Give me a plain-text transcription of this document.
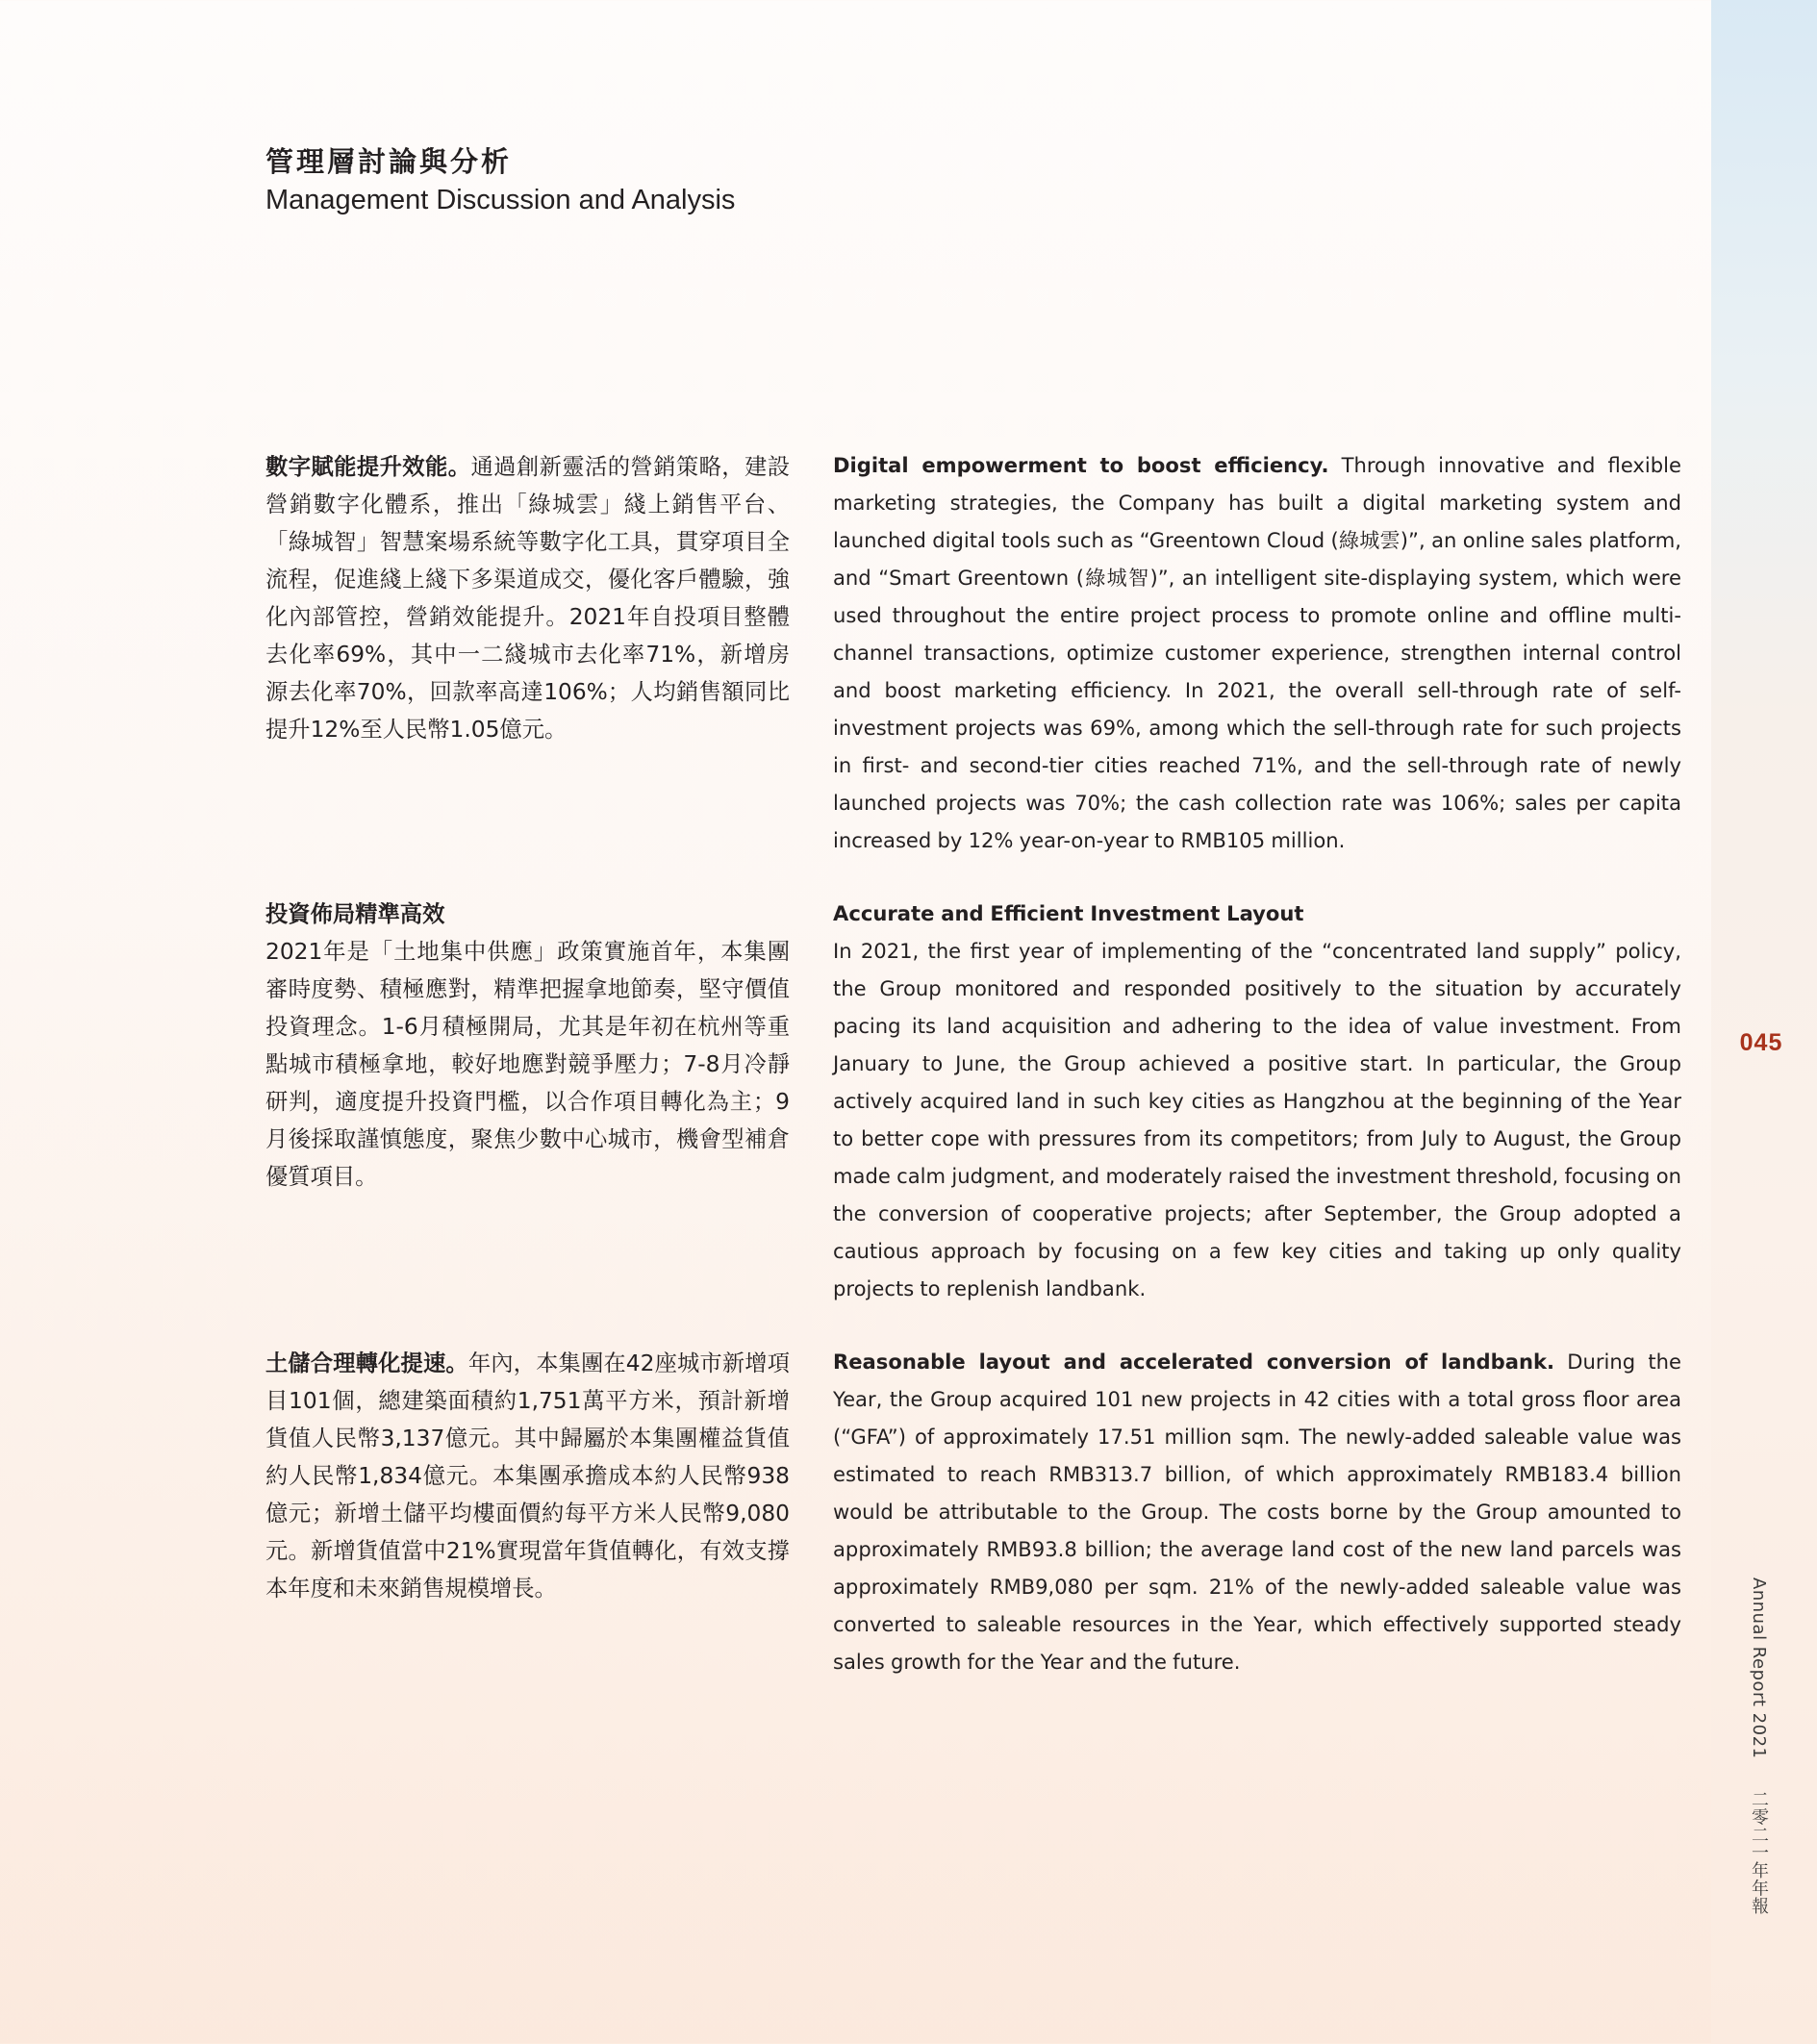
管理層討論與分析
Management Discussion and Analysis
數字賦能提升效能。通過創新靈活的營銷策略，建設營銷數字化體系，推出「綠城雲」綫上銷售平台、「綠城智」智慧案場系統等數字化工具，貫穿項目全流程，促進綫上綫下多渠道成交，優化客戶體驗，強化內部管控，營銷效能提升。2021年自投項目整體去化率69%，其中一二綫城市去化率71%，新增房源去化率70%，回款率高達106%；人均銷售額同比提升12%至人民幣1.05億元。
Digital empowerment to boost efficiency. Through innovative and flexible marketing strategies, the Company has built a digital marketing system and launched digital tools such as “Greentown Cloud (綠城雲)”, an online sales platform, and “Smart Greentown (綠城智)”, an intelligent site-displaying system, which were used throughout the entire project process to promote online and offline multi-channel transactions, optimize customer experience, strengthen internal control and boost marketing efficiency. In 2021, the overall sell-through rate of self-investment projects was 69%, among which the sell-through rate for such projects in first- and second-tier cities reached 71%, and the sell-through rate of newly launched projects was 70%; the cash collection rate was 106%; sales per capita increased by 12% year-on-year to RMB105 million.
投資佈局精準高效
2021年是「土地集中供應」政策實施首年，本集團審時度勢、積極應對，精準把握拿地節奏，堅守價值投資理念。1-6月積極開局，尤其是年初在杭州等重點城市積極拿地，較好地應對競爭壓力；7-8月冷靜研判，適度提升投資門檻，以合作項目轉化為主；9月後採取謹慎態度，聚焦少數中心城市，機會型補倉優質項目。
Accurate and Efficient Investment Layout
In 2021, the first year of implementing of the “concentrated land supply” policy, the Group monitored and responded positively to the situation by accurately pacing its land acquisition and adhering to the idea of value investment. From January to June, the Group achieved a positive start. In particular, the Group actively acquired land in such key cities as Hangzhou at the beginning of the Year to better cope with pressures from its competitors; from July to August, the Group made calm judgment, and moderately raised the investment threshold, focusing on the conversion of cooperative projects; after September, the Group adopted a cautious approach by focusing on a few key cities and taking up only quality projects to replenish landbank.
土儲合理轉化提速。年內，本集團在42座城市新增項目101個，總建築面積約1,751萬平方米，預計新增貨值人民幣3,137億元。其中歸屬於本集團權益貨值約人民幣1,834億元。本集團承擔成本約人民幣938億元；新增土儲平均樓面價約每平方米人民幣9,080元。新增貨值當中21%實現當年貨值轉化，有效支撐本年度和未來銷售規模增長。
Reasonable layout and accelerated conversion of landbank. During the Year, the Group acquired 101 new projects in 42 cities with a total gross floor area (“GFA”) of approximately 17.51 million sqm. The newly-added saleable value was estimated to reach RMB313.7 billion, of which approximately RMB183.4 billion would be attributable to the Group. The costs borne by the Group amounted to approximately RMB93.8 billion; the average land cost of the new land parcels was approximately RMB9,080 per sqm. 21% of the newly-added saleable value was converted to saleable resources in the Year, which effectively supported steady sales growth for the Year and the future.
045
Annual Report 2021  二零二一年年報
